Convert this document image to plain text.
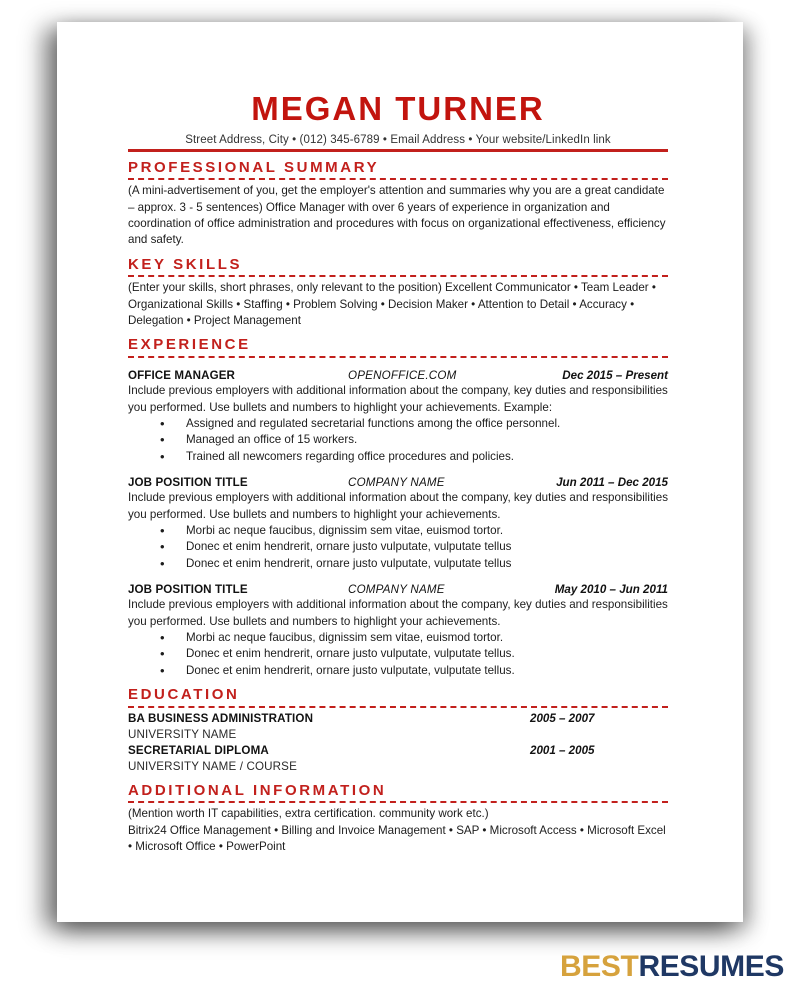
MEGAN TURNER
Street Address, City • (012) 345-6789 • Email Address • Your website/LinkedIn link
PROFESSIONAL SUMMARY
(A mini-advertisement of you, get the employer's attention and summaries why you are a great candidate – approx. 3 - 5 sentences) Office Manager with over 6 years of experience in organization and coordination of office administration and procedures with focus on organizational effectiveness, efficiency and safety.
KEY SKILLS
(Enter your skills, short phrases, only relevant to the position) Excellent Communicator • Team Leader • Organizational Skills • Staffing • Problem Solving • Decision Maker • Attention to Detail • Accuracy • Delegation • Project Management
EXPERIENCE
OFFICE MANAGER	OPENOFFICE.COM	Dec 2015 – Present
Include previous employers with additional information about the company, key duties and responsibilities you performed. Use bullets and numbers to highlight your achievements. Example:
• Assigned and regulated secretarial functions among the office personnel.
• Managed an office of 15 workers.
• Trained all newcomers regarding office procedures and policies.
JOB POSITION TITLE	COMPANY NAME	Jun 2011 – Dec 2015
Include previous employers with additional information about the company, key duties and responsibilities you performed. Use bullets and numbers to highlight your achievements.
• Morbi ac neque faucibus, dignissim sem vitae, euismod tortor.
• Donec et enim hendrerit, ornare justo vulputate, vulputate tellus
• Donec et enim hendrerit, ornare justo vulputate, vulputate tellus
JOB POSITION TITLE	COMPANY NAME	May 2010 – Jun 2011
Include previous employers with additional information about the company, key duties and responsibilities you performed. Use bullets and numbers to highlight your achievements.
• Morbi ac neque faucibus, dignissim sem vitae, euismod tortor.
• Donec et enim hendrerit, ornare justo vulputate, vulputate tellus.
• Donec et enim hendrerit, ornare justo vulputate, vulputate tellus.
EDUCATION
BA BUSINESS ADMINISTRATION	2005 – 2007
UNIVERSITY NAME
SECRETARIAL DIPLOMA	2001 – 2005
UNIVERSITY NAME / COURSE
ADDITIONAL INFORMATION
(Mention worth IT capabilities, extra certification. community work etc.)
Bitrix24 Office Management • Billing and Invoice Management • SAP • Microsoft Access • Microsoft Excel • Microsoft Office • PowerPoint
BESTRESUMES
